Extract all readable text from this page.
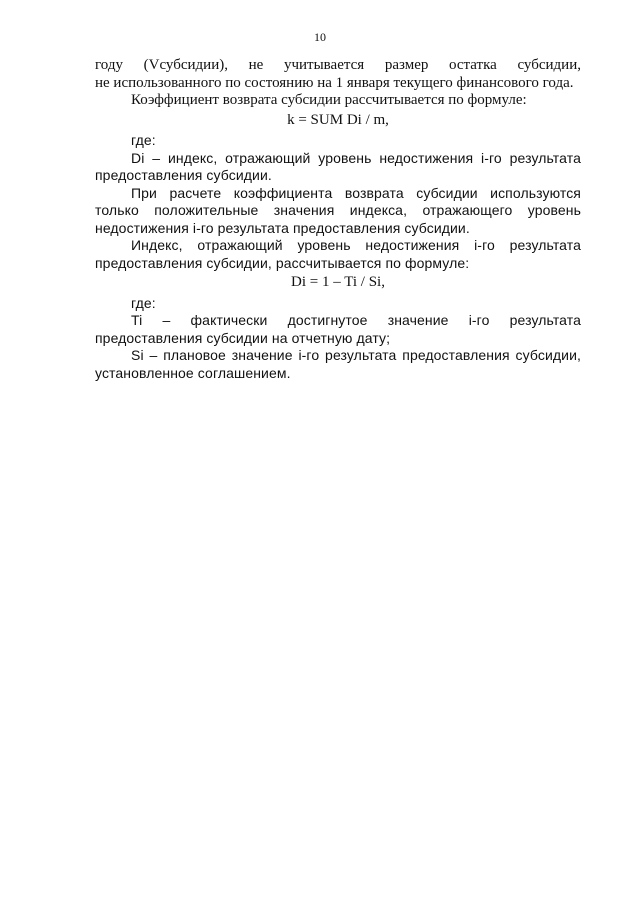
10

году (Vсубсидии), не учитывается размер остатка субсидии,

не использованного по состоянию на 1 января текущего финансового года.

Коэффициент возврата субсидии рассчитывается по формуле:

k = SUM Di / m,

где:

Di – индекс, отражающий уровень недостижения i-го результата предоставления субсидии.

При расчете коэффициента возврата субсидии используются только положительные значения индекса, отражающего уровень недостижения i-го результата предоставления субсидии.

Индекс, отражающий уровень недостижения i-го результата предоставления субсидии, рассчитывается по формуле:

Di = 1 – Ti / Si,

где:

Ti – фактически достигнутое значение i-го результата предоставления субсидии на отчетную дату;

Si – плановое значение i-го результата предоставления субсидии, установленное соглашением.
